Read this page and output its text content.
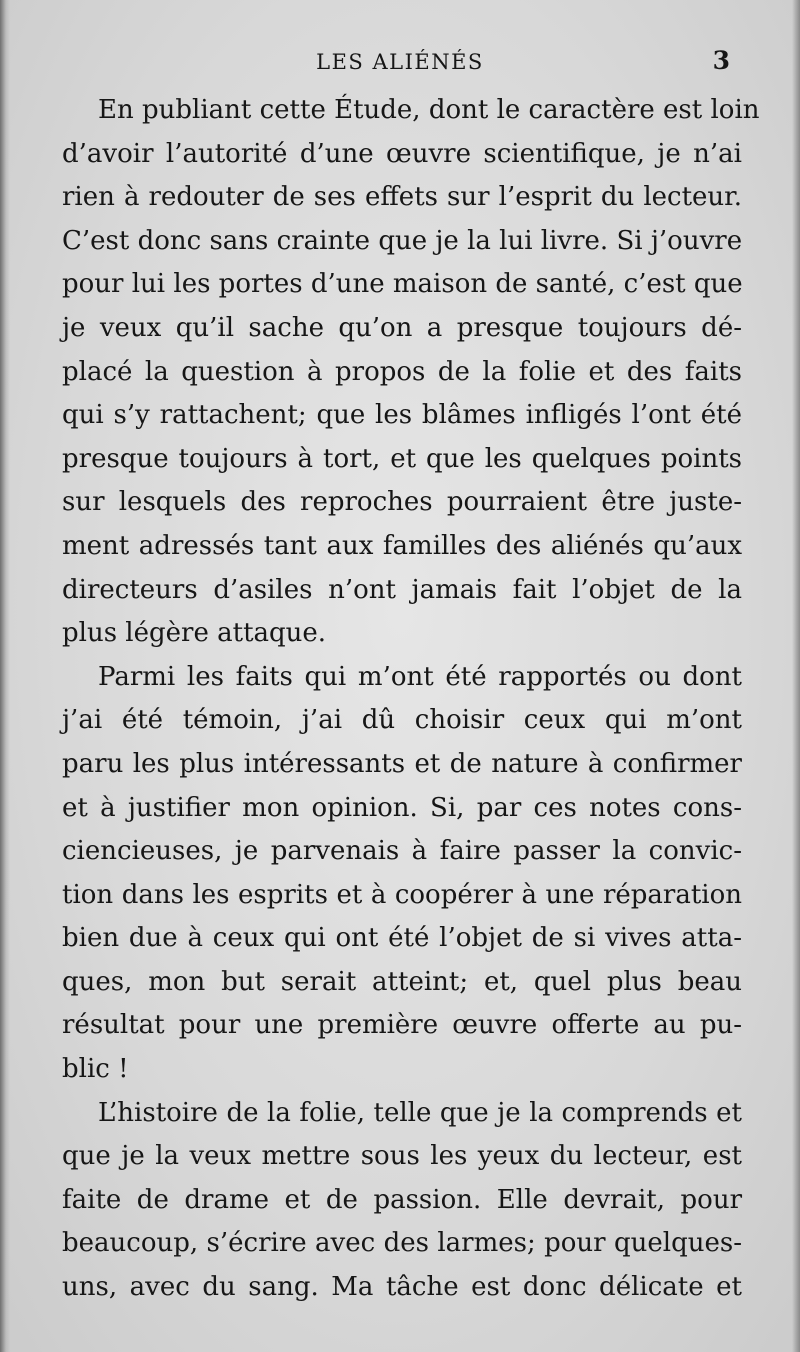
LES ALIÉNÉS	3
En publiant cette Étude, dont le caractère est loin
d’avoir l’autorité d’une œuvre scientifique, je n’ai
rien à redouter de ses effets sur l’esprit du lecteur.
C’est donc sans crainte que je la lui livre. Si j’ouvre
pour lui les portes d’une maison de santé, c’est que
je veux qu’il sache qu’on a presque toujours dé-
placé la question à propos de la folie et des faits
qui s’y rattachent; que les blâmes infligés l’ont été
presque toujours à tort, et que les quelques points
sur lesquels des reproches pourraient être juste-
ment adressés tant aux familles des aliénés qu’aux
directeurs d’asiles n’ont jamais fait l’objet de la
plus légère attaque.
Parmi les faits qui m’ont été rapportés ou dont
j’ai été témoin, j’ai dû choisir ceux qui m’ont
paru les plus intéressants et de nature à confirmer
et à justifier mon opinion. Si, par ces notes cons-
ciencieuses, je parvenais à faire passer la convic-
tion dans les esprits et à coopérer à une réparation
bien due à ceux qui ont été l’objet de si vives atta-
ques, mon but serait atteint; et, quel plus beau
résultat pour une première œuvre offerte au pu-
blic !
L’histoire de la folie, telle que je la comprends et
que je la veux mettre sous les yeux du lecteur, est
faite de drame et de passion. Elle devrait, pour
beaucoup, s’écrire avec des larmes; pour quelques-
uns, avec du sang. Ma tâche est donc délicate et
